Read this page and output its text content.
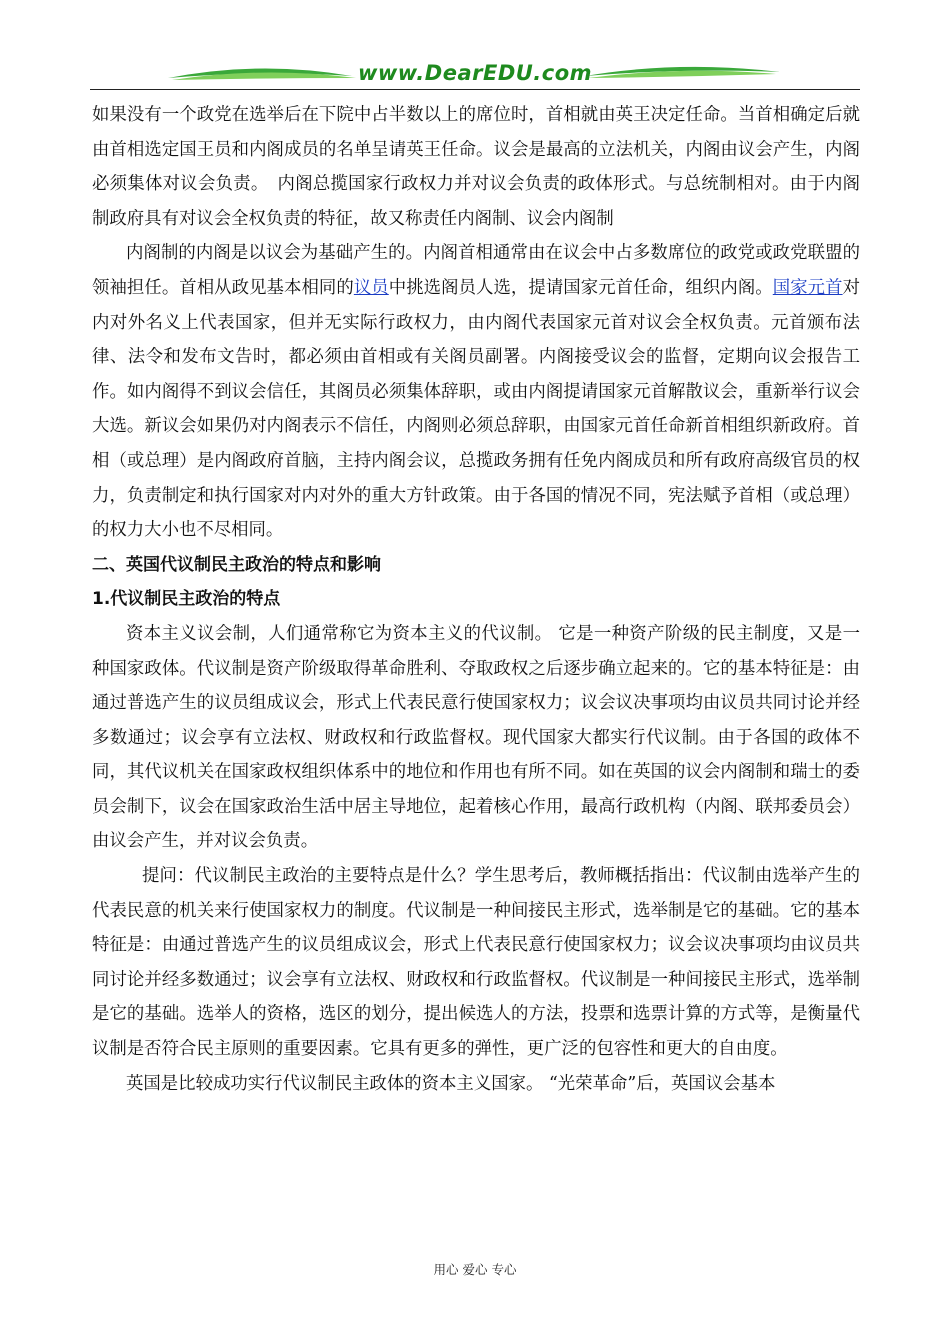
www.DearEDU.com

如果没有一个政党在选举后在下院中占半数以上的席位时，首相就由英王决定任命。当首相确定后就由首相选定国王员和内阁成员的名单呈请英王任命。议会是最高的立法机关，内阁由议会产生，内阁必须集体对议会负责。　内阁总揽国家行政权力并对议会负责的政体形式。与总统制相对。由于内阁制政府具有对议会全权负责的特征，故又称责任内阁制、议会内阁制

内阁制的内阁是以议会为基础产生的。内阁首相通常由在议会中占多数席位的政党或政党联盟的领袖担任。首相从政见基本相同的议员中挑选阁员人选，提请国家元首任命，组织内阁。国家元首对内对外名义上代表国家，但并无实际行政权力，由内阁代表国家元首对议会全权负责。元首颁布法律、法令和发布文告时，都必须由首相或有关阁员副署。内阁接受议会的监督，定期向议会报告工作。如内阁得不到议会信任，其阁员必须集体辞职，或由内阁提请国家元首解散议会，重新举行议会大选。新议会如果仍对内阁表示不信任，内阁则必须总辞职，由国家元首任命新首相组织新政府。首相（或总理）是内阁政府首脑，主持内阁会议，总揽政务拥有任免内阁成员和所有政府高级官员的权力，负责制定和执行国家对内对外的重大方针政策。由于各国的情况不同，宪法赋予首相（或总理）的权力大小也不尽相同。

二、英国代议制民主政治的特点和影响

1.代议制民主政治的特点

资本主义议会制，人们通常称它为资本主义的代议制。 它是一种资产阶级的民主制度，又是一种国家政体。代议制是资产阶级取得革命胜利、夺取政权之后逐步确立起来的。它的基本特征是：由通过普选产生的议员组成议会，形式上代表民意行使国家权力；议会议决事项均由议员共同讨论并经多数通过；议会享有立法权、财政权和行政监督权。现代国家大都实行代议制。由于各国的政体不同，其代议机关在国家政权组织体系中的地位和作用也有所不同。如在英国的议会内阁制和瑞士的委员会制下，议会在国家政治生活中居主导地位，起着核心作用，最高行政机构（内阁、联邦委员会）由议会产生，并对议会负责。

提问：代议制民主政治的主要特点是什么？学生思考后，教师概括指出：代议制由选举产生的代表民意的机关来行使国家权力的制度。代议制是一种间接民主形式，选举制是它的基础。它的基本特征是：由通过普选产生的议员组成议会，形式上代表民意行使国家权力；议会议决事项均由议员共同讨论并经多数通过；议会享有立法权、财政权和行政监督权。代议制是一种间接民主形式，选举制是它的基础。选举人的资格，选区的划分，提出候选人的方法，投票和选票计算的方式等，是衡量代议制是否符合民主原则的重要因素。它具有更多的弹性，更广泛的包容性和更大的自由度。

英国是比较成功实行代议制民主政体的资本主义国家。 “光荣革命”后，英国议会基本

用心 爱心 专心
